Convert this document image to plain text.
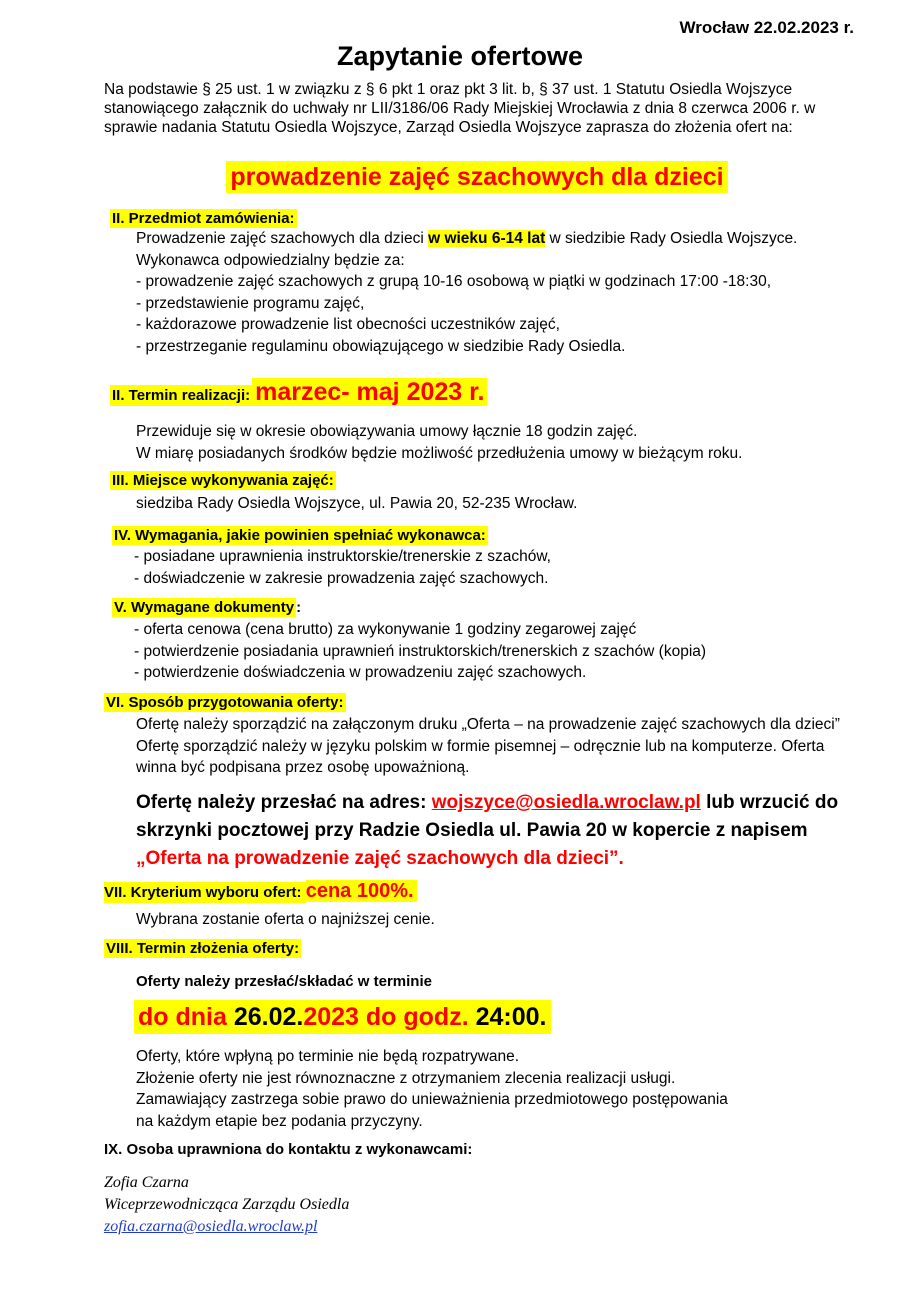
Wrocław 22.02.2023 r.
Zapytanie ofertowe
Na podstawie § 25 ust. 1 w związku z § 6 pkt 1 oraz pkt 3 lit. b, § 37 ust. 1 Statutu Osiedla Wojszyce stanowiącego załącznik do uchwały nr LII/3186/06 Rady Miejskiej Wrocławia z dnia 8 czerwca 2006 r. w sprawie nadania Statutu Osiedla Wojszyce, Zarząd Osiedla Wojszyce zaprasza do złożenia ofert na:
prowadzenie zajęć szachowych dla dzieci
II. Przedmiot zamówienia:
Prowadzenie zajęć szachowych dla dzieci w wieku 6-14 lat w siedzibie Rady Osiedla Wojszyce.
Wykonawca odpowiedzialny będzie za:
- prowadzenie zajęć szachowych z grupą 10-16 osobową w piątki w godzinach 17:00 -18:30,
- przedstawienie programu zajęć,
- każdorazowe prowadzenie list obecności uczestników zajęć,
- przestrzeganie regulaminu obowiązującego w siedzibie Rady Osiedla.
II. Termin realizacji: marzec- maj 2023 r.
Przewiduje się w okresie obowiązywania umowy łącznie 18 godzin zajęć.
W miarę posiadanych środków będzie możliwość przedłużenia umowy w bieżącym roku.
III. Miejsce wykonywania zajęć:
siedziba Rady Osiedla Wojszyce, ul. Pawia 20, 52-235 Wrocław.
IV. Wymagania, jakie powinien spełniać wykonawca:
- posiadane uprawnienia instruktorskie/trenerskie z szachów,
- doświadczenie w zakresie prowadzenia zajęć szachowych.
V. Wymagane dokumenty :
- oferta cenowa (cena brutto) za wykonywanie 1 godziny zegarowej zajęć
- potwierdzenie posiadania uprawnień instruktorskich/trenerskich z szachów (kopia)
- potwierdzenie doświadczenia w prowadzeniu zajęć szachowych.
VI. Sposób przygotowania oferty:
Ofertę należy sporządzić na załączonym druku „Oferta – na prowadzenie zajęć szachowych dla dzieci”
Ofertę sporządzić należy w języku polskim w formie pisemnej – odręcznie lub na komputerze. Oferta
winna być podpisana przez osobę upoważnioną.
Ofertę należy przesłać na adres: wojszyce@osiedla.wroclaw.pl lub wrzucić do
skrzynki pocztowej przy Radzie Osiedla ul. Pawia 20 w kopercie z napisem
„Oferta na prowadzenie zajęć szachowych dla dzieci”.
VII. Kryterium wyboru ofert: cena 100%.
Wybrana zostanie oferta o najniższej cenie.
VIII. Termin złożenia oferty:
Oferty należy przesłać/składać w terminie
do dnia 26.02.2023 do godz. 24:00.
Oferty, które wpłyną po terminie nie będą rozpatrywane.
Złożenie oferty nie jest równoznaczne z otrzymaniem zlecenia realizacji usługi.
Zamawiający zastrzega sobie prawo do unieważnienia przedmiotowego postępowania
na każdym etapie bez podania przyczyny.
IX. Osoba uprawniona do kontaktu z wykonawcami:
Zofia Czarna
Wiceprzewodnicząca Zarządu Osiedla
zofia.czarna@osiedla.wroclaw.pl
